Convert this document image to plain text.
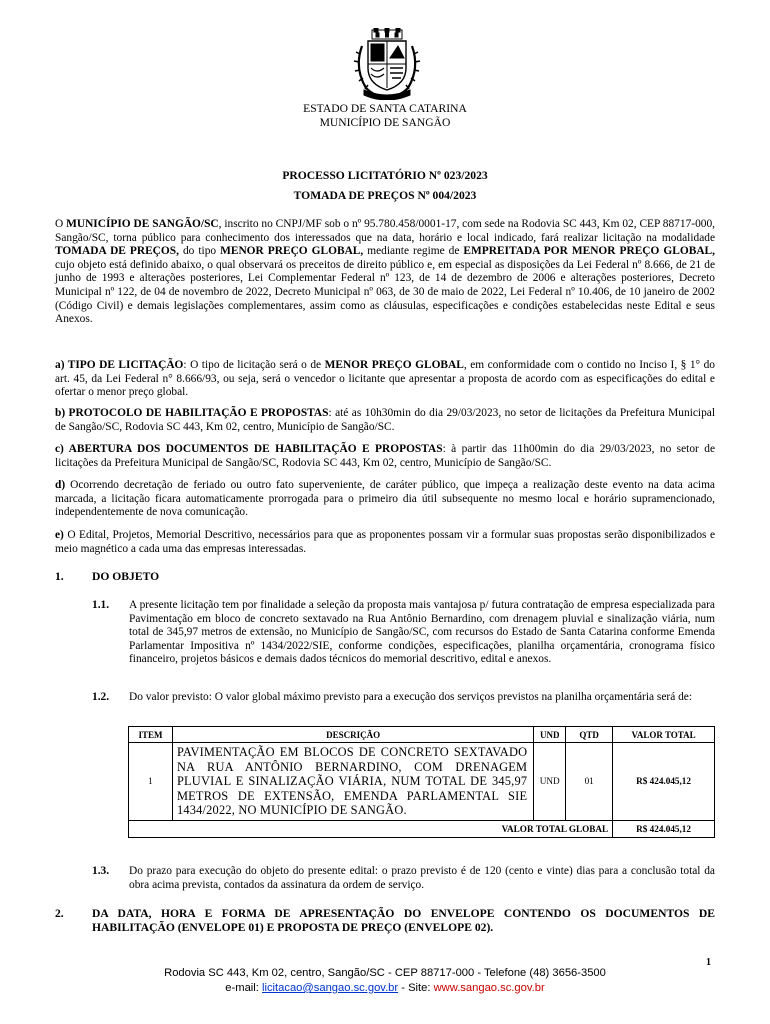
ESTADO DE SANTA CATARINA
MUNICÍPIO DE SANGÃO
PROCESSO LICITATÓRIO Nº 023/2023
TOMADA DE PREÇOS Nº 004/2023
O MUNICÍPIO DE SANGÃO/SC, inscrito no CNPJ/MF sob o nº 95.780.458/0001-17, com sede na Rodovia SC 443, Km 02, CEP 88717-000, Sangão/SC, torna público para conhecimento dos interessados que na data, horário e local indicado, fará realizar licitação na modalidade TOMADA DE PREÇOS, do tipo MENOR PREÇO GLOBAL, mediante regime de EMPREITADA POR MENOR PREÇO GLOBAL, cujo objeto está definido abaixo, o qual observará os preceitos de direito público e, em especial as disposições da Lei Federal nº 8.666, de 21 de junho de 1993 e alterações posteriores, Lei Complementar Federal nº 123, de 14 de dezembro de 2006 e alterações posteriores, Decreto Municipal nº 122, de 04 de novembro de 2022, Decreto Municipal nº 063, de 30 de maio de 2022, Lei Federal nº 10.406, de 10 janeiro de 2002 (Código Civil) e demais legislações complementares, assim como as cláusulas, especificações e condições estabelecidas neste Edital e seus Anexos.
a) TIPO DE LICITAÇÃO: O tipo de licitação será o de MENOR PREÇO GLOBAL, em conformidade com o contido no Inciso I, § 1° do art. 45, da Lei Federal n° 8.666/93, ou seja, será o vencedor o licitante que apresentar a proposta de acordo com as especificações do edital e ofertar o menor preço global.
b) PROTOCOLO DE HABILITAÇÃO E PROPOSTAS: até as 10h30min do dia 29/03/2023, no setor de licitações da Prefeitura Municipal de Sangão/SC, Rodovia SC 443, Km 02, centro, Município de Sangão/SC.
c) ABERTURA DOS DOCUMENTOS DE HABILITAÇÃO E PROPOSTAS: à partir das 11h00min do dia 29/03/2023, no setor de licitações da Prefeitura Municipal de Sangão/SC, Rodovia SC 443, Km 02, centro, Município de Sangão/SC.
d) Ocorrendo decretação de feriado ou outro fato superveniente, de caráter público, que impeça a realização deste evento na data acima marcada, a licitação ficara automaticamente prorrogada para o primeiro dia útil subsequente no mesmo local e horário supramencionado, independentemente de nova comunicação.
e) O Edital, Projetos, Memorial Descritivo, necessários para que as proponentes possam vir a formular suas propostas serão disponibilizados e meio magnético a cada uma das empresas interessadas.
1. DO OBJETO
1.1. A presente licitação tem por finalidade a seleção da proposta mais vantajosa p/ futura contratação de empresa especializada para Pavimentação em bloco de concreto sextavado na Rua Antônio Bernardino, com drenagem pluvial e sinalização viária, num total de 345,97 metros de extensão, no Município de Sangão/SC, com recursos do Estado de Santa Catarina conforme Emenda Parlamentar Impositiva nº 1434/2022/SIE, conforme condições, especificações, planilha orçamentária, cronograma físico financeiro, projetos básicos e demais dados técnicos do memorial descritivo, edital e anexos.
1.2. Do valor previsto: O valor global máximo previsto para a execução dos serviços previstos na planilha orçamentária será de:
ITEM	DESCRIÇÃO	UND	QTD	VALOR TOTAL
1	PAVIMENTAÇÃO EM BLOCOS DE CONCRETO SEXTAVADO NA RUA ANTÔNIO BERNARDINO, COM DRENAGEM PLUVIAL E SINALIZAÇÃO VIÁRIA, NUM TOTAL DE 345,97 METROS DE EXTENSÃO, EMENDA PARLAMENTAL SIE 1434/2022, NO MUNICÍPIO DE SANGÃO.	UND	01	R$ 424.045,12
VALOR TOTAL GLOBAL				R$ 424.045,12
1.3. Do prazo para execução do objeto do presente edital: o prazo previsto é de 120 (cento e vinte) dias para a conclusão total da obra acima prevista, contados da assinatura da ordem de serviço.
2. DA DATA, HORA E FORMA DE APRESENTAÇÃO DO ENVELOPE CONTENDO OS DOCUMENTOS DE HABILITAÇÃO (ENVELOPE 01) E PROPOSTA DE PREÇO (ENVELOPE 02).
1
Rodovia SC 443, Km 02, centro, Sangão/SC - CEP 88717-000 - Telefone (48) 3656-3500
e-mail: licitacao@sangao.sc.gov.br - Site: www.sangao.sc.gov.br
